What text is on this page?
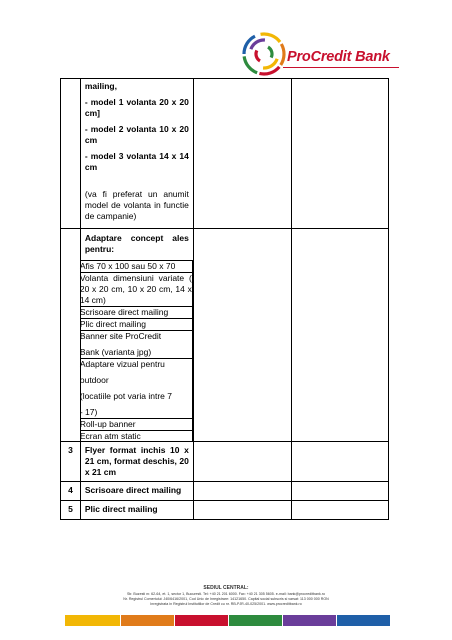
ProCredit Bank

mailing,
- model 1 volanta 20 x 20 cm]
- model 2 volanta 10 x 20 cm
- model 3 volanta 14 x 14 cm
(va fi preferat un anumit model de volanta in functie de campanie)

Adaptare concept ales pentru:
Afis 70 x 100 sau 50 x 70
Volanta dimensiuni variate ( 20 x 20 cm, 10 x 20 cm, 14 x 14 cm)
Scrisoare direct mailing
Plic direct mailing

Banner site ProCredit
Bank (varianta jpg)

Adaptare vizual pentru
outdoor
(locatiile pot varia intre 7
- 17)

Roll-up banner
Ecran atm static

3	Flyer format inchis 10 x 21 cm, format deschis, 20 x 21 cm

4	Scrisoare direct mailing

5	Plic direct mailing

SEDIUL CENTRAL:
Str. Buzesti nr. 62-64, et. 1, sector 1, Bucuresti. Tel: +40 21 201 6000. Fax: +40 21 305 5605. e-mail: bank@procreditbank.ro
Nr. Registrul Comertului: J40/6416/2001, Cod Unic de Inregistrare: 14121650. Capital social subscris si varsat: 113 000 000 RON
Inregistrata in Registrul Institutiilor de Credit cu nr. RB-PJR-40-025/2001. www.procreditbank.ro
